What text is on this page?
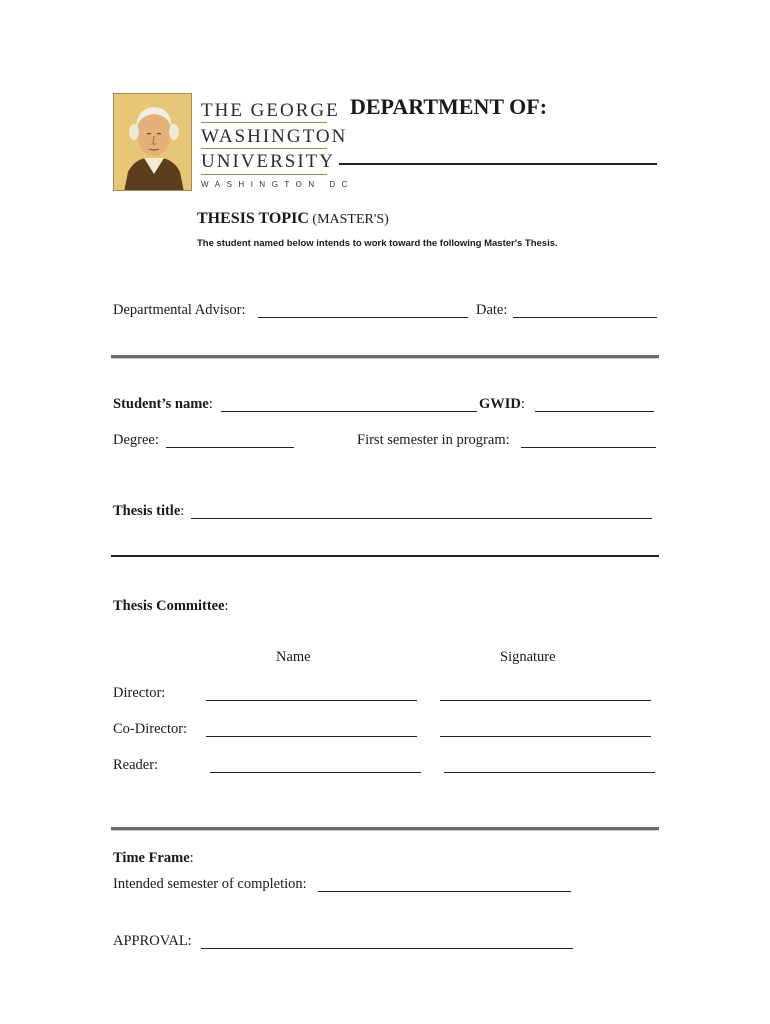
THE GEORGE
WASHINGTON
UNIVERSITY
WASHINGTON DC
DEPARTMENT OF:
THESIS TOPIC (MASTER'S)
The student named below intends to work toward the following Master's Thesis.
Departmental Advisor:	Date:
Student’s name:	GWID:
Degree:	First semester in program:
Thesis title:
Thesis Committee:
Name	Signature
Director:
Co-Director:
Reader:
Time Frame:
Intended semester of completion:
APPROVAL:
